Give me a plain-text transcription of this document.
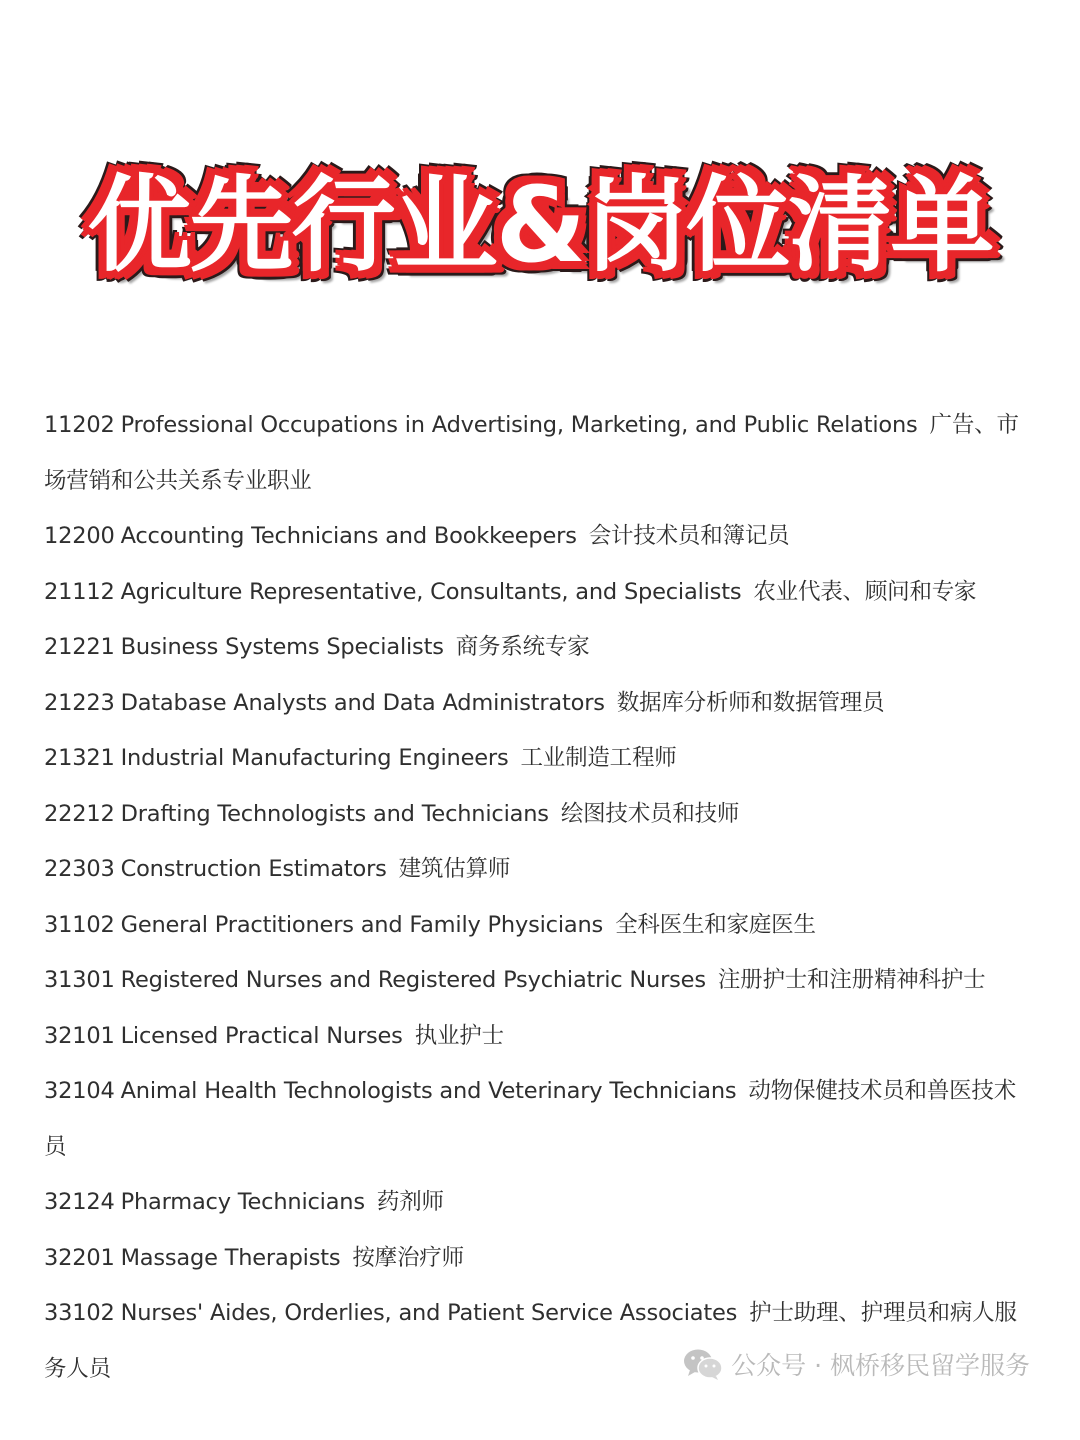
优先行业&岗位清单

11202 Professional Occupations in Advertising, Marketing, and Public Relations 广告、市场营销和公共关系专业职业

12200 Accounting Technicians and Bookkeepers 会计技术员和簿记员

21112 Agriculture Representative, Consultants, and Specialists 农业代表、顾问和专家

21221 Business Systems Specialists 商务系统专家

21223 Database Analysts and Data Administrators 数据库分析师和数据管理员

21321 Industrial Manufacturing Engineers 工业制造工程师

22212 Drafting Technologists and Technicians 绘图技术员和技师

22303 Construction Estimators 建筑估算师

31102 General Practitioners and Family Physicians 全科医生和家庭医生

31301 Registered Nurses and Registered Psychiatric Nurses 注册护士和注册精神科护士

32101 Licensed Practical Nurses 执业护士

32104 Animal Health Technologists and Veterinary Technicians 动物保健技术员和兽医技术员

32124 Pharmacy Technicians 药剂师

32201 Massage Therapists 按摩治疗师

33102 Nurses' Aides, Orderlies, and Patient Service Associates 护士助理、护理员和病人服务人员	公众号 · 枫桥移民留学服务
